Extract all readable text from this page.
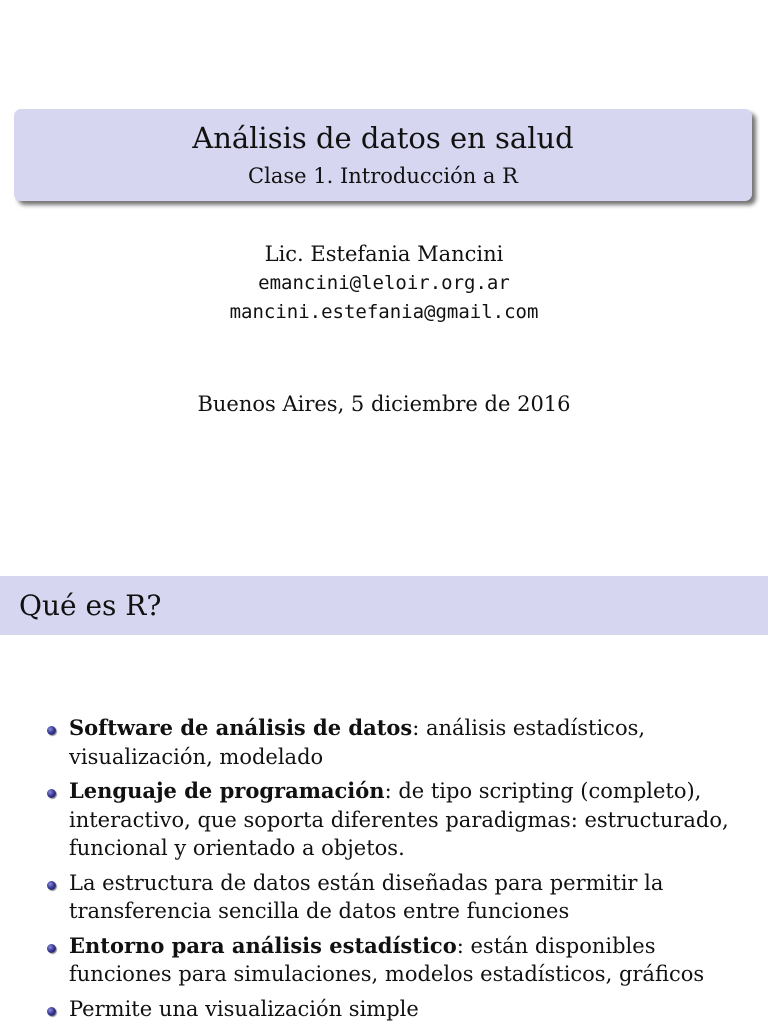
Análisis de datos en salud
Clase 1. Introducción a R
Lic. Estefania Mancini
emancini@leloir.org.ar
mancini.estefania@gmail.com
Buenos Aires, 5 diciembre de 2016
Qué es R?
Software de análisis de datos: análisis estadísticos, visualización, modelado
Lenguaje de programación: de tipo scripting (completo), interactivo, que soporta diferentes paradigmas: estructurado, funcional y orientado a objetos.
La estructura de datos están diseñadas para permitir la transferencia sencilla de datos entre funciones
Entorno para análisis estadístico: están disponibles funciones para simulaciones, modelos estadísticos, gráficos
Permite una visualización simple
